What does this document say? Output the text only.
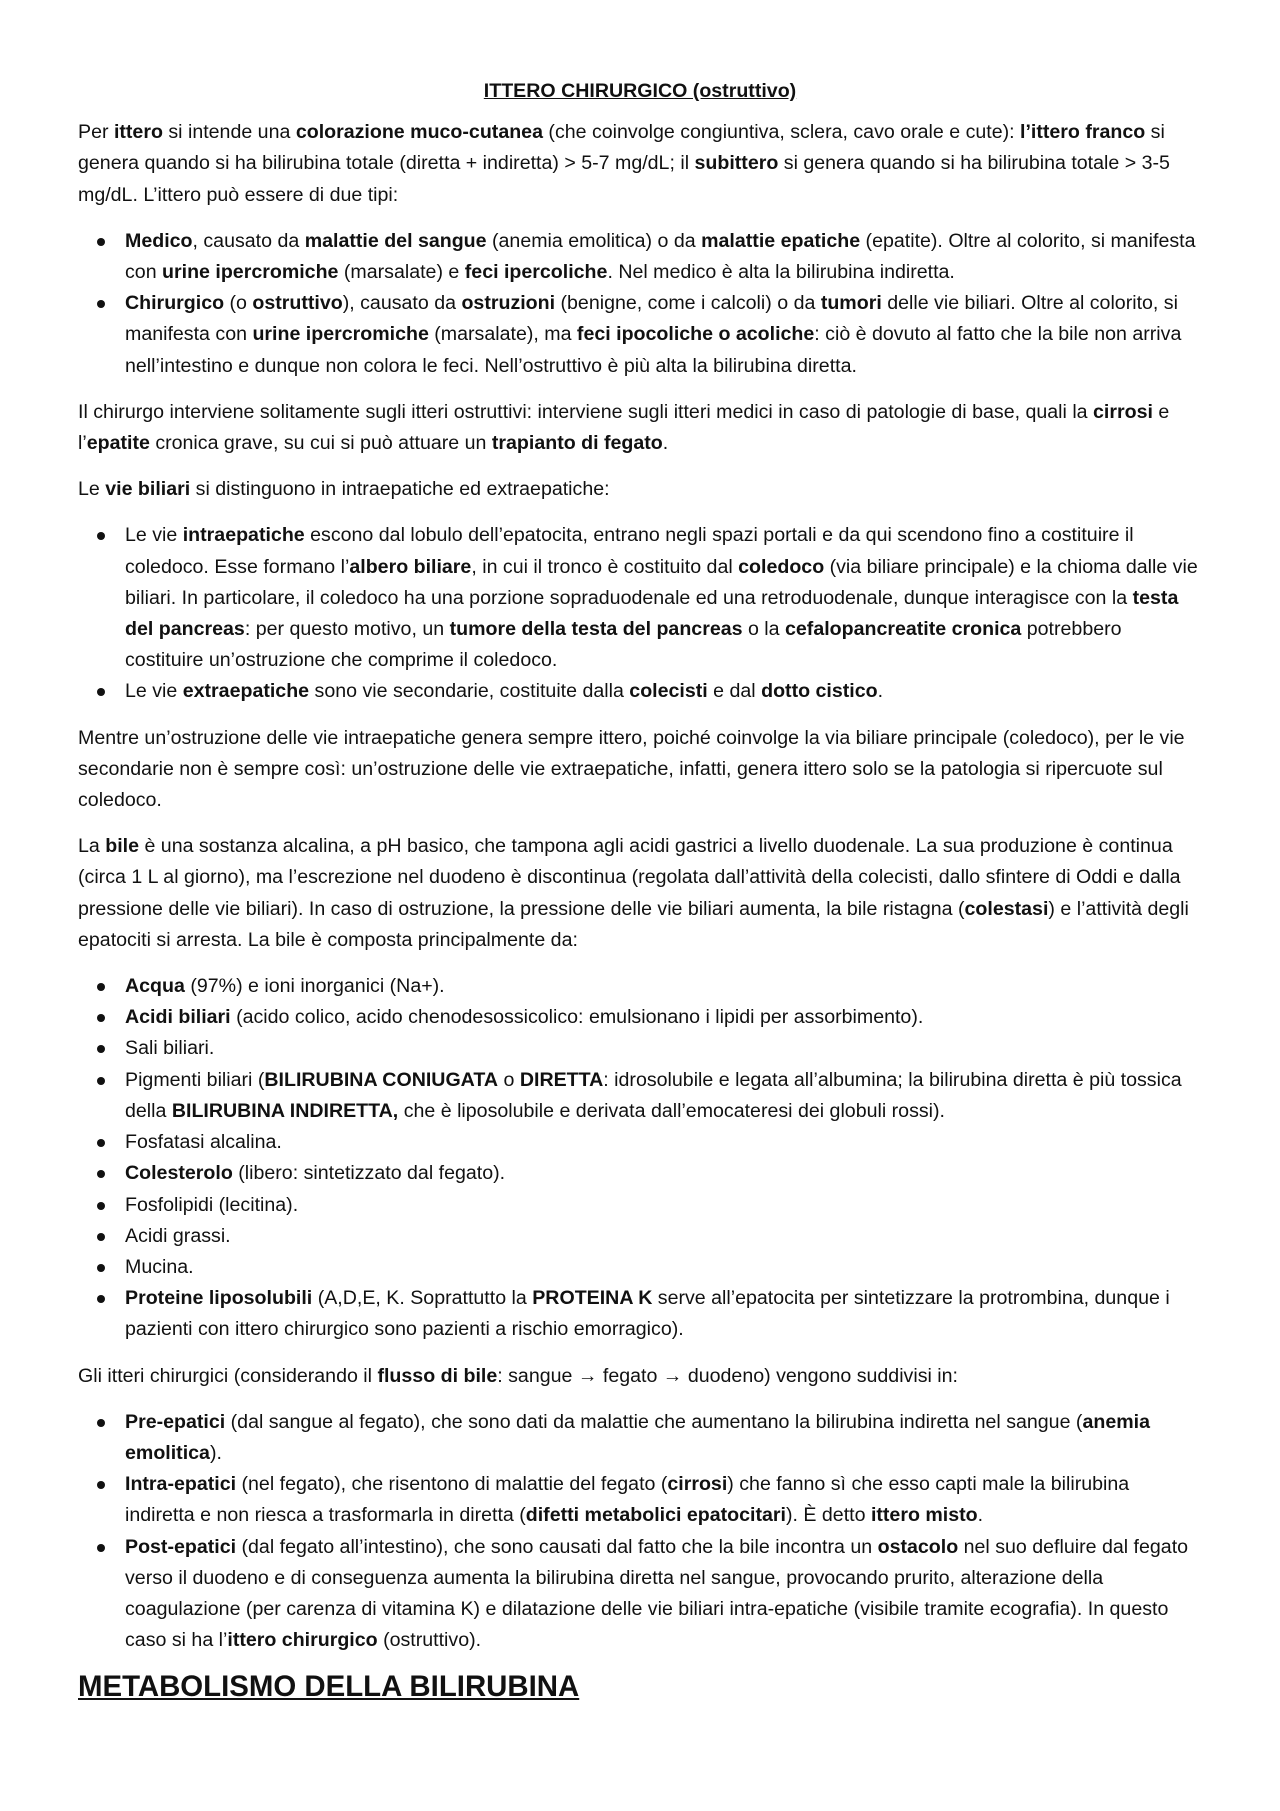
ITTERO CHIRURGICO (ostruttivo)

Per ittero si intende una colorazione muco-cutanea (che coinvolge congiuntiva, sclera, cavo orale e cute): l’ittero franco si genera quando si ha bilirubina totale (diretta + indiretta) > 5-7 mg/dL; il subittero si genera quando si ha bilirubina totale > 3-5 mg/dL. L’ittero può essere di due tipi:

Medico, causato da malattie del sangue (anemia emolitica) o da malattie epatiche (epatite). Oltre al colorito, si manifesta con urine ipercromiche (marsalate) e feci ipercoliche. Nel medico è alta la bilirubina indiretta.
Chirurgico (o ostruttivo), causato da ostruzioni (benigne, come i calcoli) o da tumori delle vie biliari. Oltre al colorito, si manifesta con urine ipercromiche (marsalate), ma feci ipocoliche o acoliche: ciò è dovuto al fatto che la bile non arriva nell’intestino e dunque non colora le feci. Nell’ostruttivo è più alta la bilirubina diretta.

Il chirurgo interviene solitamente sugli itteri ostruttivi: interviene sugli itteri medici in caso di patologie di base, quali la cirrosi e l’epatite cronica grave, su cui si può attuare un trapianto di fegato.

Le vie biliari si distinguono in intraepatiche ed extraepatiche:

Le vie intraepatiche escono dal lobulo dell’epatocita, entrano negli spazi portali e da qui scendono fino a costituire il coledoco. Esse formano l’albero biliare, in cui il tronco è costituito dal coledoco (via biliare principale) e la chioma dalle vie biliari. In particolare, il coledoco ha una porzione sopraduodenale ed una retroduodenale, dunque interagisce con la testa del pancreas: per questo motivo, un tumore della testa del pancreas o la cefalopancreatite cronica potrebbero costituire un’ostruzione che comprime il coledoco.
Le vie extraepatiche sono vie secondarie, costituite dalla colecisti e dal dotto cistico.

Mentre un’ostruzione delle vie intraepatiche genera sempre ittero, poiché coinvolge la via biliare principale (coledoco), per le vie secondarie non è sempre così: un’ostruzione delle vie extraepatiche, infatti, genera ittero solo se la patologia si ripercuote sul coledoco.

La bile è una sostanza alcalina, a pH basico, che tampona agli acidi gastrici a livello duodenale. La sua produzione è continua (circa 1 L al giorno), ma l’escrezione nel duodeno è discontinua (regolata dall’attività della colecisti, dallo sfintere di Oddi e dalla pressione delle vie biliari). In caso di ostruzione, la pressione delle vie biliari aumenta, la bile ristagna (colestasi) e l’attività degli epatociti si arresta. La bile è composta principalmente da:

Acqua (97%) e ioni inorganici (Na+).
Acidi biliari (acido colico, acido chenodesossicolico: emulsionano i lipidi per assorbimento).
Sali biliari.
Pigmenti biliari (BILIRUBINA CONIUGATA o DIRETTA: idrosolubile e legata all’albumina; la bilirubina diretta è più tossica della BILIRUBINA INDIRETTA, che è liposolubile e derivata dall’emocateresi dei globuli rossi).
Fosfatasi alcalina.
Colesterolo (libero: sintetizzato dal fegato).
Fosfolipidi (lecitina).
Acidi grassi.
Mucina.
Proteine liposolubili (A,D,E, K. Soprattutto la PROTEINA K serve all’epatocita per sintetizzare la protrombina, dunque i pazienti con ittero chirurgico sono pazienti a rischio emorragico).

Gli itteri chirurgici (considerando il flusso di bile: sangue → fegato → duodeno) vengono suddivisi in:

Pre-epatici (dal sangue al fegato), che sono dati da malattie che aumentano la bilirubina indiretta nel sangue (anemia emolitica).
Intra-epatici (nel fegato), che risentono di malattie del fegato (cirrosi) che fanno sì che esso capti male la bilirubina indiretta e non riesca a trasformarla in diretta (difetti metabolici epatocitari). È detto ittero misto.
Post-epatici (dal fegato all’intestino), che sono causati dal fatto che la bile incontra un ostacolo nel suo defluire dal fegato verso il duodeno e di conseguenza aumenta la bilirubina diretta nel sangue, provocando prurito, alterazione della coagulazione (per carenza di vitamina K) e dilatazione delle vie biliari intra-epatiche (visibile tramite ecografia). In questo caso si ha l’ittero chirurgico (ostruttivo).
METABOLISMO DELLA BILIRUBINA
